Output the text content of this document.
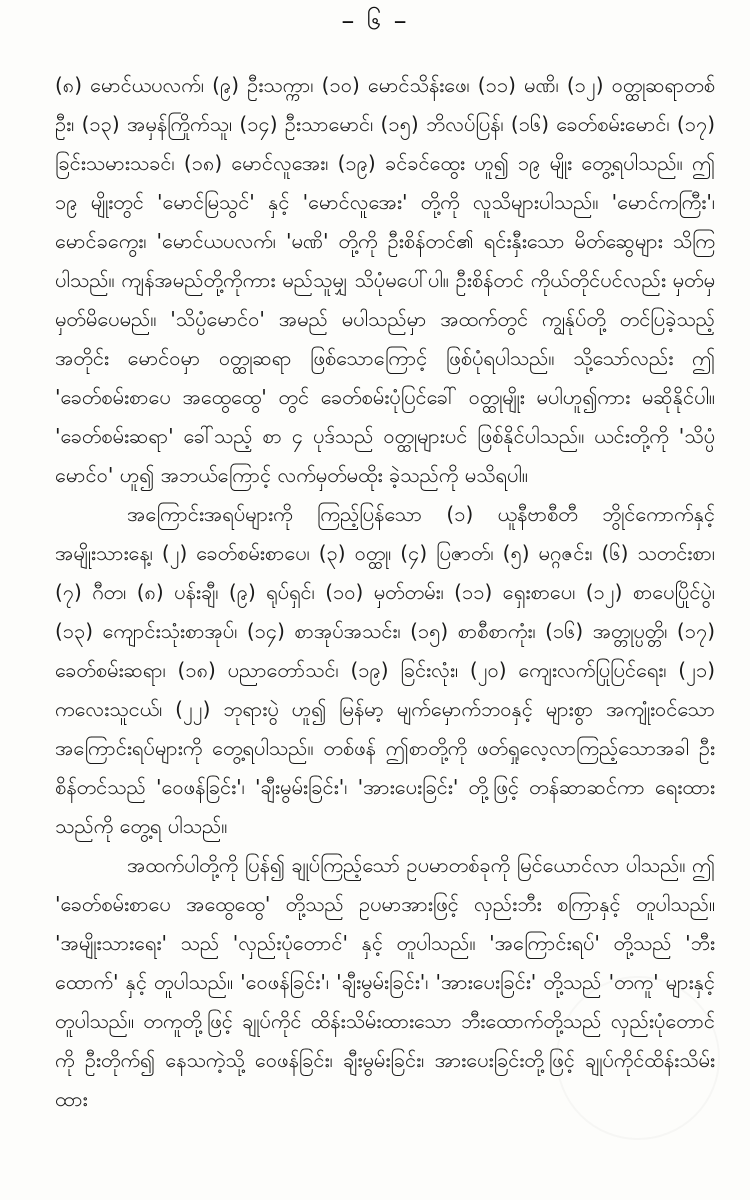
– ၆ –

(၈) မောင်ယပလက်၊ (၉) ဦးသက္ကာ၊ (၁၀) မောင်သိန်းဖေ၊ (၁၁) မဏိ၊ (၁၂) ဝတ္ထုဆရာတစ်ဦး၊ (၁၃) အမှန်ကြိုက်သူ၊ (၁၄) ဦးသာမောင်၊ (၁၅) ဘိလပ်ပြန်၊ (၁၆) ခေတ်စမ်းမောင်၊ (၁၇) ခြင်းသမားသခင်၊ (၁၈) မောင်လူအေး၊ (၁၉) ခင်ခင်ထွေး ဟူ၍ ၁၉ မျိုး တွေ့ရပါသည်။ ဤ ၁၉ မျိုးတွင် 'မောင်မြသွင်' နှင့် 'မောင်လူအေး' တို့ကို လူသိများပါသည်။ 'မောင်ကကြီး'၊ မောင်ခကွေး၊ 'မောင်ယပလက်၊ 'မဏိ' တို့ကို ဦးစိန်တင်၏ ရင်းနှီးသော မိတ်ဆွေများ သိကြပါသည်။ ကျန်အမည်တို့ကိုကား မည်သူမျှ သိပုံမပေါ်ပါ။ ဦးစိန်တင် ကိုယ်တိုင်ပင်လည်း မှတ်မှ မှတ်မိပေမည်။ 'သိပ္ပံမောင်ဝ' အမည် မပါသည်မှာ အထက်တွင် ကျွန်ုပ်တို့ တင်ပြခဲ့သည့်အတိုင်း မောင်ဝမှာ ဝတ္ထုဆရာ ဖြစ်သောကြောင့် ဖြစ်ပုံရပါသည်။ သို့သော်လည်း ဤ 'ခေတ်စမ်းစာပေ အထွေထွေ' တွင် ခေတ်စမ်းပုံပြင်ခေါ် ဝတ္ထုမျိုး မပါဟူ၍ကား မဆိုနိုင်ပါ။ 'ခေတ်စမ်းဆရာ' ခေါ်သည့် စာ ၄ ပုဒ်သည် ဝတ္ထုများပင် ဖြစ်နိုင်ပါသည်။ ယင်းတို့ကို 'သိပ္ပံမောင်ဝ' ဟူ၍ အဘယ်ကြောင့် လက်မှတ်မထိုး ခဲ့သည်ကို မသိရပါ။

အကြောင်းအရပ်များကို ကြည့်ပြန်သော (၁) ယူနီဗာစီတီ ဘွိုင်ကောက်နှင့် အမျိုးသားနေ့၊ (၂) ခေတ်စမ်းစာပေ၊ (၃) ဝတ္ထု၊ (၄) ပြဇာတ်၊ (၅) မဂ္ဂဇင်း၊ (၆) သတင်းစာ၊ (၇) ဂီတ၊ (၈) ပန်းချီ၊ (၉) ရုပ်ရှင်၊ (၁၀) မှတ်တမ်း၊ (၁၁) ရှေးစာပေ၊ (၁၂) စာပေပြိုင်ပွဲ၊ (၁၃) ကျောင်းသုံးစာအုပ်၊ (၁၄) စာအုပ်အသင်း၊ (၁၅) စာစီစာကုံး၊ (၁၆) အတ္တုပ္ပတ္တိ၊ (၁၇) ခေတ်စမ်းဆရာ၊ (၁၈) ပညာတော်သင်၊ (၁၉) ခြင်းလုံး၊ (၂၀) ကျေးလက်ပြုပြင်ရေး၊ (၂၁) ကလေးသူငယ်၊ (၂၂) ဘုရားပွဲ ဟူ၍ မြန်မာ့ မျက်မှောက်ဘဝနှင့် များစွာ အကျုံးဝင်သော အကြောင်းရပ်များကို တွေ့ရပါသည်။ တစ်ဖန် ဤစာတို့ကို ဖတ်ရှုလေ့လာကြည့်သောအခါ ဦးစိန်တင်သည် 'ဝေဖန်ခြင်း'၊ 'ချီးမွမ်းခြင်း'၊ 'အားပေးခြင်း' တို့ဖြင့် တန်ဆာဆင်ကာ ရေးထားသည်ကို တွေ့ရ ပါသည်။

အထက်ပါတို့ကို ပြန်၍ ချုပ်ကြည့်သော် ဥပမာတစ်ခုကို မြင်ယောင်လာ ပါသည်။ ဤ 'ခေတ်စမ်းစာပေ အထွေထွေ' တို့သည် ဥပမာအားဖြင့် လှည်းဘီး စကြာနှင့် တူပါသည်။ 'အမျိုးသားရေး' သည် 'လှည်းပုံတောင်' နှင့် တူပါသည်။ 'အကြောင်းရပ်' တို့သည် 'ဘီးထောက်' နှင့် တူပါသည်။ 'ဝေဖန်ခြင်း'၊ 'ချီးမွမ်းခြင်း'၊ 'အားပေးခြင်း' တို့သည် 'တကူ' များနှင့် တူပါသည်။ တကူတို့ဖြင့် ချုပ်ကိုင် ထိန်းသိမ်းထားသော ဘီးထောက်တို့သည် လှည်းပုံတောင်ကို ဦးတိုက်၍ နေသကဲ့သို့ ဝေဖန်ခြင်း၊ ချီးမွမ်းခြင်း၊ အားပေးခြင်းတို့ဖြင့် ချုပ်ကိုင်ထိန်းသိမ်းထား
